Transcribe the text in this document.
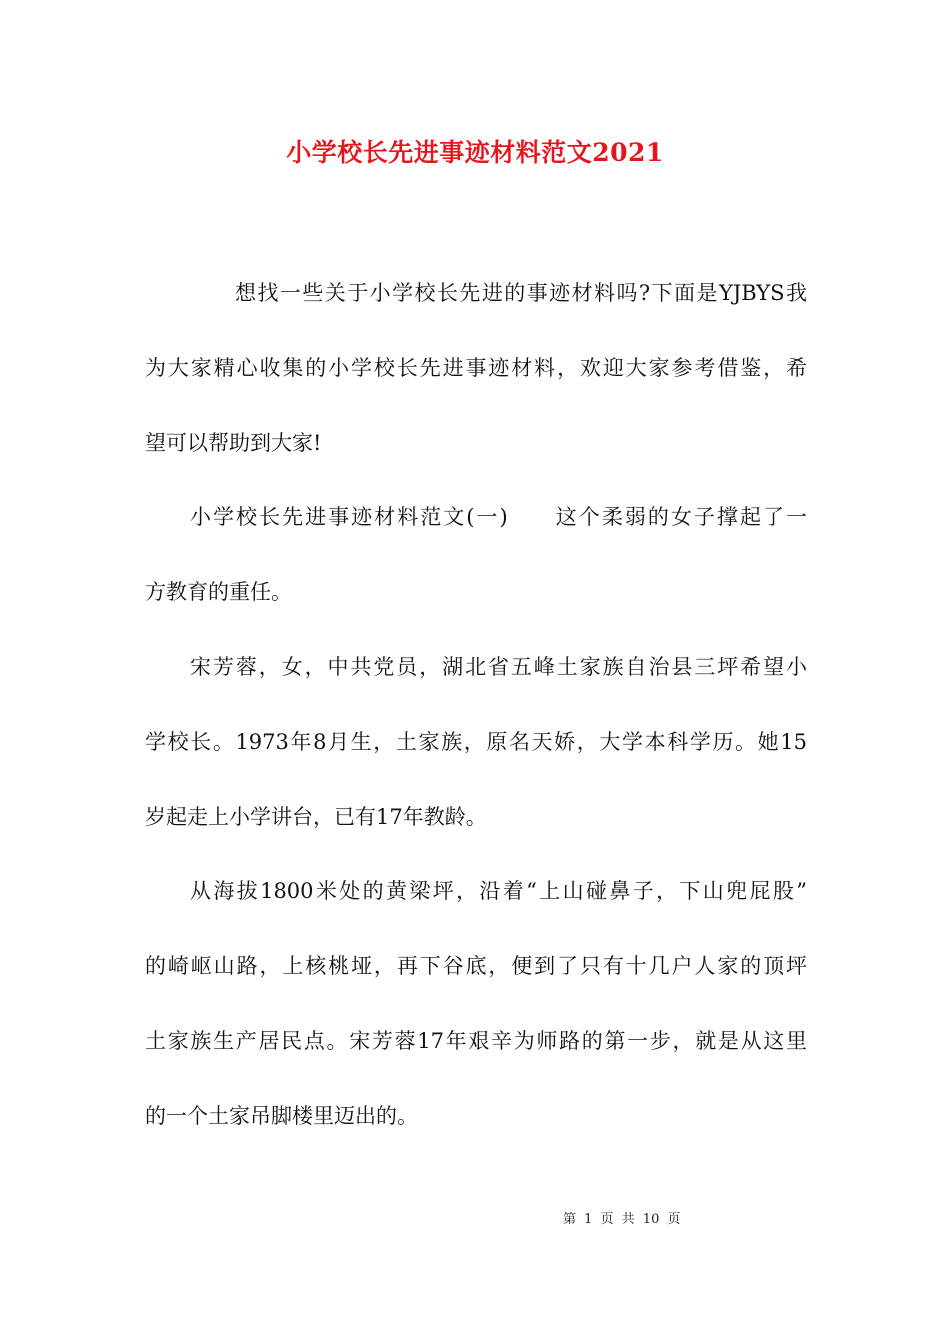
小学校长先进事迹材料范文2021
想找一些关于小学校长先进的事迹材料吗?下面是YJBYS我
为大家精心收集的小学校长先进事迹材料，欢迎大家参考借鉴，希
望可以帮助到大家!
小学校长先进事迹材料范文(一)　　这个柔弱的女子撑起了一
方教育的重任。
宋芳蓉，女，中共党员，湖北省五峰土家族自治县三坪希望小
学校长。1973年8月生，土家族，原名天娇，大学本科学历。她15
岁起走上小学讲台，已有17年教龄。
从海拔1800米处的黄梁坪，沿着“上山碰鼻子，下山兜屁股”
的崎岖山路，上核桃垭，再下谷底，便到了只有十几户人家的顶坪
土家族生产居民点。宋芳蓉17年艰辛为师路的第一步，就是从这里
的一个土家吊脚楼里迈出的。
第 1 页 共 10 页
